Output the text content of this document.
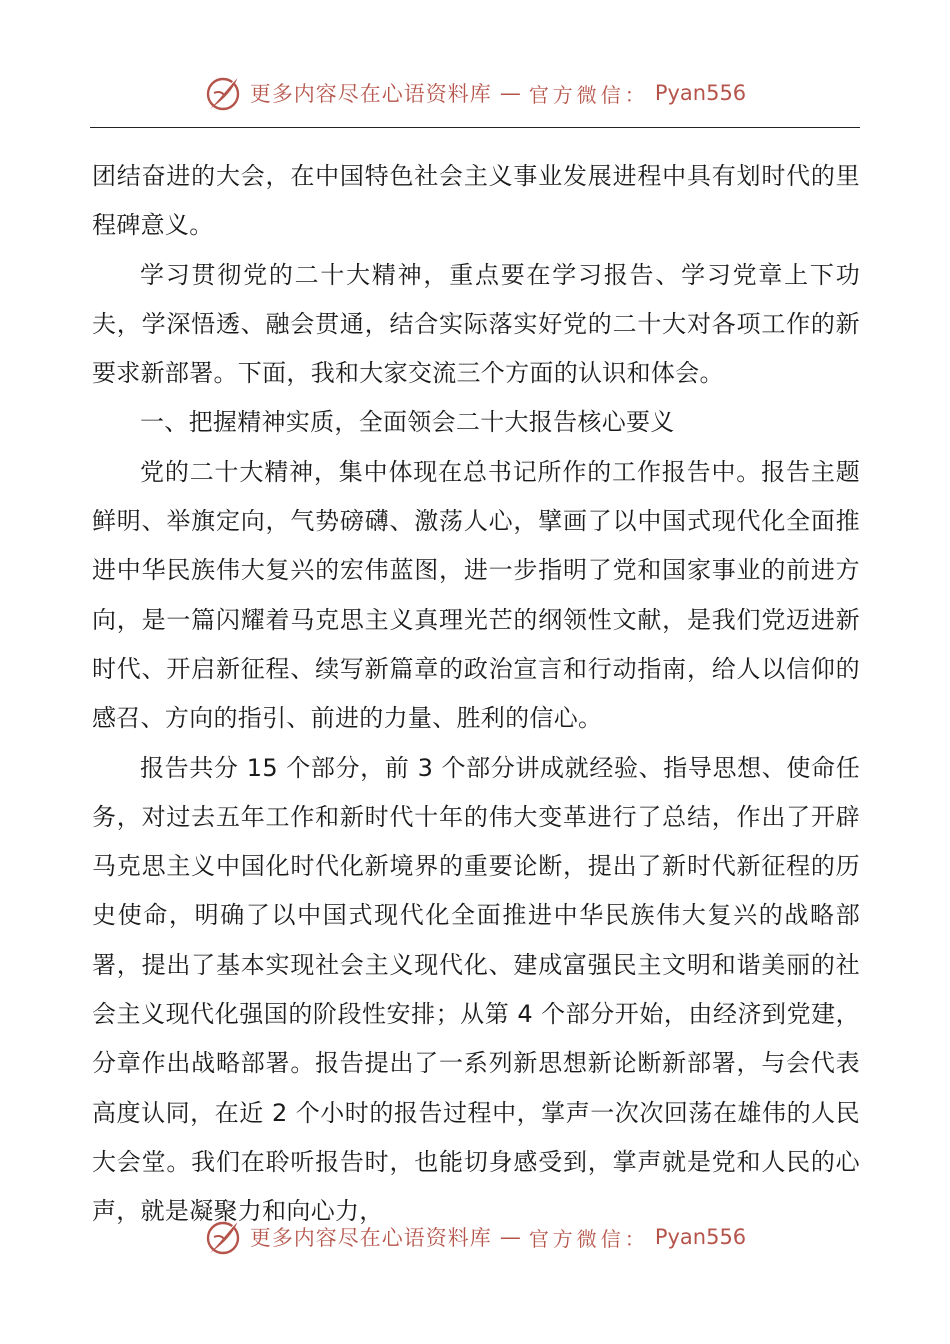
更多内容尽在心语资料库 — 官方微信： Pyan556

团结奋进的大会，在中国特色社会主义事业发展进程中具有划时代的里程碑意义。

学习贯彻党的二十大精神，重点要在学习报告、学习党章上下功夫，学深悟透、融会贯通，结合实际落实好党的二十大对各项工作的新要求新部署。下面，我和大家交流三个方面的认识和体会。

一、把握精神实质，全面领会二十大报告核心要义

党的二十大精神，集中体现在总书记所作的工作报告中。报告主题鲜明、举旗定向，气势磅礴、激荡人心，擘画了以中国式现代化全面推进中华民族伟大复兴的宏伟蓝图，进一步指明了党和国家事业的前进方向，是一篇闪耀着马克思主义真理光芒的纲领性文献，是我们党迈进新时代、开启新征程、续写新篇章的政治宣言和行动指南，给人以信仰的感召、方向的指引、前进的力量、胜利的信心。

报告共分 15 个部分，前 3 个部分讲成就经验、指导思想、使命任务，对过去五年工作和新时代十年的伟大变革进行了总结，作出了开辟马克思主义中国化时代化新境界的重要论断，提出了新时代新征程的历史使命，明确了以中国式现代化全面推进中华民族伟大复兴的战略部署，提出了基本实现社会主义现代化、建成富强民主文明和谐美丽的社会主义现代化强国的阶段性安排；从第 4 个部分开始，由经济到党建，分章作出战略部署。报告提出了一系列新思想新论断新部署，与会代表高度认同，在近 2 个小时的报告过程中，掌声一次次回荡在雄伟的人民大会堂。我们在聆听报告时，也能切身感受到，掌声就是党和人民的心声，就是凝聚力和向心力，

更多内容尽在心语资料库 — 官方微信： Pyan556
